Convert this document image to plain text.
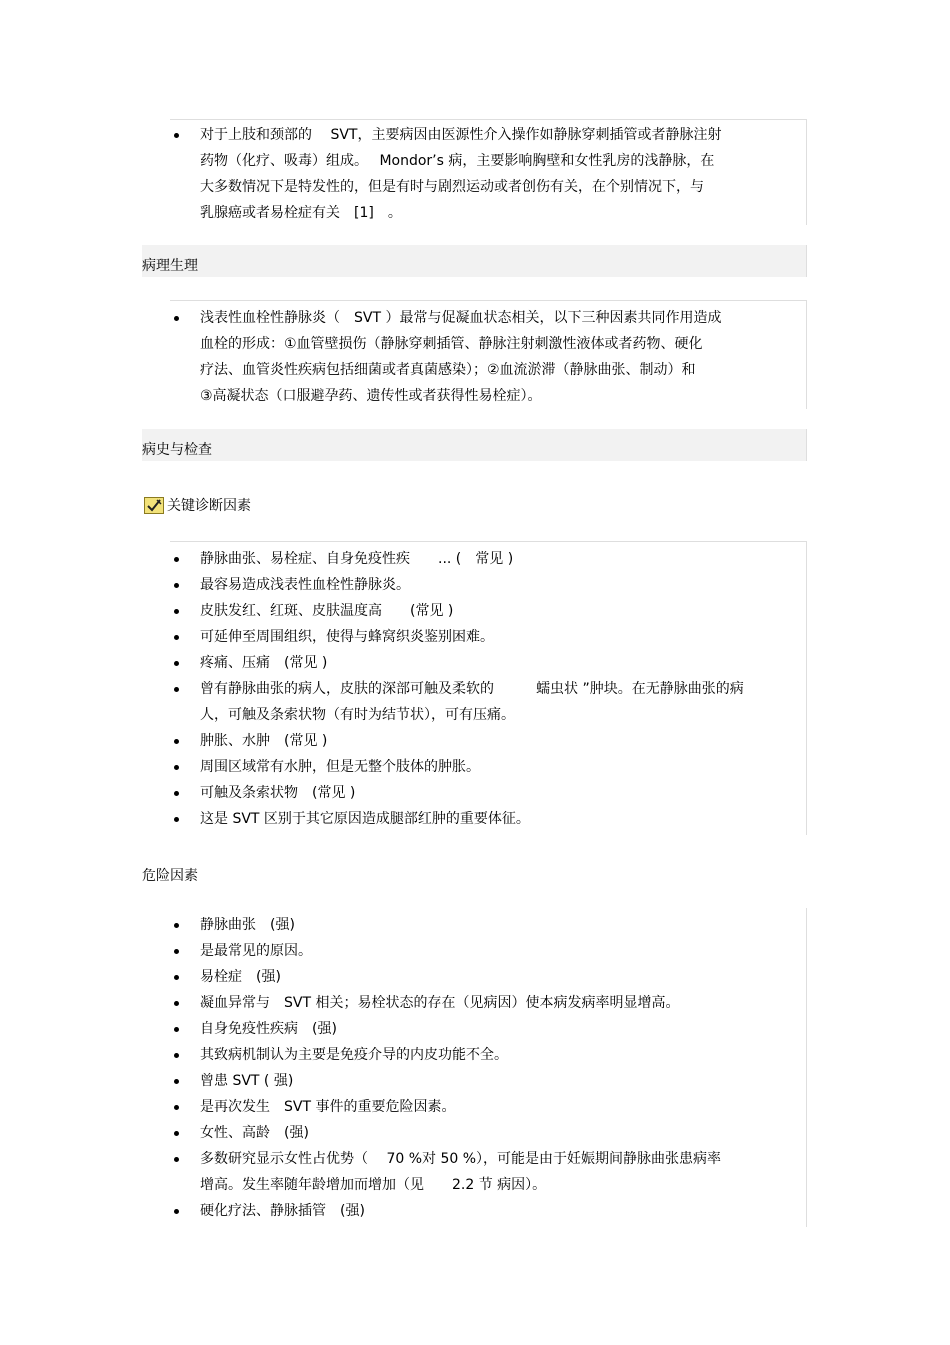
对于上肢和颈部的　 SVT，主要病因由医源性介入操作如静脉穿刺插管或者静脉注射
药物（化疗、吸毒）组成。　 Mondor’s 病，主要影响胸壁和女性乳房的浅静脉，在
大多数情况下是特发性的，但是有时与剧烈运动或者创伤有关，在个别情况下，与
乳腺癌或者易栓症有关　[1]　。
病理生理
浅表性血栓性静脉炎（　SVT ）最常与促凝血状态相关，以下三种因素共同作用造成
血栓的形成：①血管壁损伤（静脉穿刺插管、静脉注射刺激性液体或者药物、硬化
疗法、血管炎性疾病包括细菌或者真菌感染）；②血流淤滞（静脉曲张、制动）和
③高凝状态（口服避孕药、遗传性或者获得性易栓症）。
病史与检查
关键诊断因素
静脉曲张、易栓症、自身免疫性疾　　... (　常见 )
最容易造成浅表性血栓性静脉炎。
皮肤发红、红斑、皮肤温度高　　(常见 )
可延伸至周围组织，使得与蜂窝织炎鉴别困难。
疼痛、压痛　(常见 )
曾有静脉曲张的病人，皮肤的深部可触及柔软的　　　蠕虫状 ”肿块。在无静脉曲张的病
人，可触及条索状物（有时为结节状），可有压痛。
肿胀、水肿　(常见 )
周围区域常有水肿，但是无整个肢体的肿胀。
可触及条索状物　(常见 )
这是 SVT 区别于其它原因造成腿部红肿的重要体征。
危险因素
静脉曲张　(强)
是最常见的原因。
易栓症　(强)
凝血异常与　SVT 相关；易栓状态的存在（见病因）使本病发病率明显增高。
自身免疫性疾病　(强)
其致病机制认为主要是免疫介导的内皮功能不全。
曾患 SVT ( 强)
是再次发生　SVT 事件的重要危险因素。
女性、高龄　(强)
多数研究显示女性占优势（　 70 %对 50 %），可能是由于妊娠期间静脉曲张患病率
增高。发生率随年龄增加而增加（见　　2.2 节 病因）。
硬化疗法、静脉插管　(强)
